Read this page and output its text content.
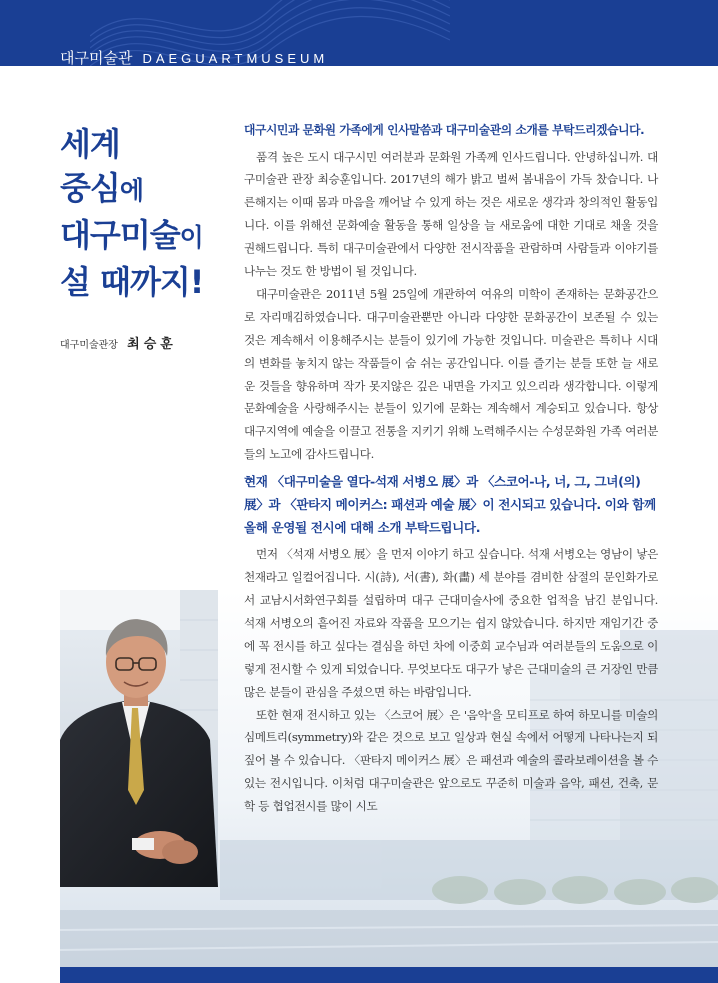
대구미술관 DAEGUARTMUSEUM
세계
중심에
대구미술이
설 때까지!
대구미술관장 최승훈

대구시민과 문화원 가족에게 인사말씀과 대구미술관의 소개를 부탁드리겠습니다.

품격 높은 도시 대구시민 여러분과 문화원 가족께 인사드립니다. 안녕하십니까. 대구미술관 관장 최승훈입니다. 2017년의 해가 밝고 벌써 봄내음이 가득 찼습니다. 나른해지는 이때 몸과 마음을 깨어날 수 있게 하는 것은 새로운 생각과 창의적인 활동입니다. 이를 위해선 문화예술 활동을 통해 일상을 늘 새로움에 대한 기대로 채울 것을 권해드립니다. 특히 대구미술관에서 다양한 전시작품을 관람하며 사람들과 이야기를 나누는 것도 한 방법이 될 것입니다.

대구미술관은 2011년 5월 25일에 개관하여 여유의 미학이 존재하는 문화공간으로 자리매김하였습니다. 대구미술관뿐만 아니라 다양한 문화공간이 보존될 수 있는 것은 계속해서 이용해주시는 분들이 있기에 가능한 것입니다. 미술관은 특히나 시대의 변화를 놓치지 않는 작품들이 숨 쉬는 공간입니다. 이를 즐기는 분들 또한 늘 새로운 것들을 향유하며 작가 못지않은 깊은 내면을 가지고 있으리라 생각합니다. 이렇게 문화예술을 사랑해주시는 분들이 있기에 문화는 계속해서 계승되고 있습니다. 항상 대구지역에 예술을 이끌고 전통을 지키기 위해 노력해주시는 수성문화원 가족 여러분들의 노고에 감사드립니다.

현재 〈대구미술을 열다-석재 서병오 展〉과 〈스코어-나, 너, 그, 그녀(의) 展〉과 〈판타지 메이커스: 패션과 예술 展〉이 전시되고 있습니다. 이와 함께 올해 운영될 전시에 대해 소개 부탁드립니다.

먼저 〈석재 서병오 展〉을 먼저 이야기 하고 싶습니다. 석재 서병오는 영남이 낳은 천재라고 일컬어집니다. 시(詩), 서(書), 화(畵) 세 분야를 겸비한 삼절의 문인화가로서 교남시서화연구회를 설립하며 대구 근대미술사에 중요한 업적을 남긴 분입니다. 석재 서병오의 흩어진 자료와 작품을 모으기는 쉽지 않았습니다. 하지만 재임기간 중에 꼭 전시를 하고 싶다는 결심을 하던 차에 이중희 교수님과 여러분들의 도움으로 이렇게 전시할 수 있게 되었습니다. 무엇보다도 대구가 낳은 근대미술의 큰 거장인 만큼 많은 분들이 관심을 주셨으면 하는 바람입니다.

또한 현재 전시하고 있는 〈스코어 展〉은 '음악'을 모티프로 하여 하모니를 미술의 심메트리(symmetry)와 같은 것으로 보고 일상과 현실 속에서 어떻게 나타나는지 되짚어 볼 수 있습니다. 〈판타지 메이커스 展〉은 패션과 예술의 콜라보레이션을 볼 수 있는 전시입니다. 이처럼 대구미술관은 앞으로도 꾸준히 미술과 음악, 패션, 건축, 문학 등 협업전시를 많이 시도
